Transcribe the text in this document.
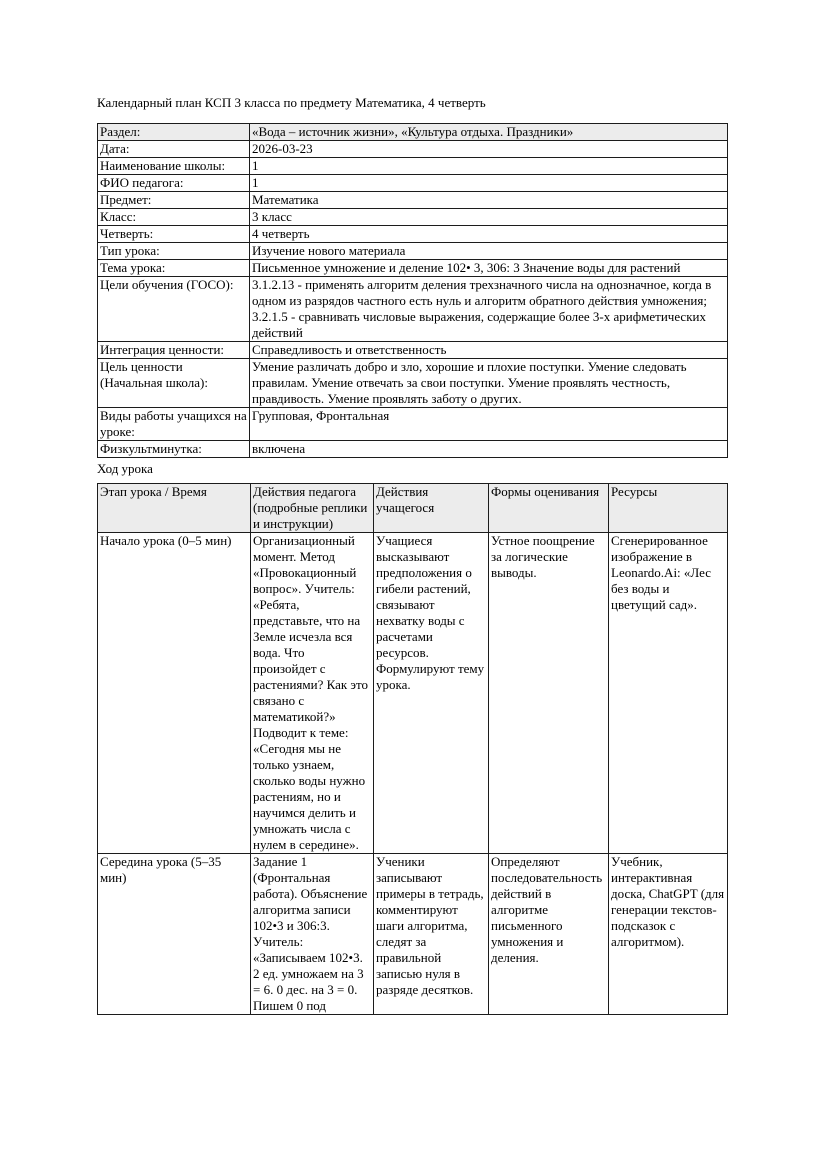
Календарный план КСП 3 класса по предмету Математика, 4 четверть
Раздел:	«Вода – источник жизни», «Культура отдыха. Праздники»
Дата:	2026-03-23
Наименование школы:	1
ФИО педагога:	1
Предмет:	Математика
Класс:	3 класс
Четверть:	4 четверть
Тип урока:	Изучение нового материала
Тема урока:	Письменное умножение и деление 102• 3, 306: 3 Значение воды для растений
Цели обучения (ГОСО):	3.1.2.13 - применять алгоритм деления трехзначного числа на однозначное, когда в одном из разрядов частного есть нуль и алгоритм обратного действия умножения; 3.2.1.5 - сравнивать числовые выражения, содержащие более 3-х арифметических действий
Интеграция ценности:	Справедливость и ответственность
Цель ценности (Начальная школа):	Умение различать добро и зло, хорошие и плохие поступки. Умение следовать правилам. Умение отвечать за свои поступки. Умение проявлять честность, правдивость. Умение проявлять заботу о других.
Виды работы учащихся на уроке:	Групповая, Фронтальная
Физкультминутка:	включена
Ход урока
Этап урока / Время	Действия педагога (подробные реплики и инструкции)	Действия учащегося	Формы оценивания	Ресурсы
Начало урока (0–5 мин)	Организационный момент. Метод «Провокационный вопрос». Учитель: «Ребята, представьте, что на Земле исчезла вся вода. Что произойдет с растениями? Как это связано с математикой?» Подводит к теме: «Сегодня мы не только узнаем, сколько воды нужно растениям, но и научимся делить и умножать числа с нулем в середине».	Учащиеся высказывают предположения о гибели растений, связывают нехватку воды с расчетами ресурсов. Формулируют тему урока.	Устное поощрение за логические выводы.	Сгенерированное изображение в Leonardo.Ai: «Лес без воды и цветущий сад».
Середина урока (5–35 мин)	Задание 1 (Фронтальная работа). Объяснение алгоритма записи 102•3 и 306:3. Учитель: «Записываем 102•3. 2 ед. умножаем на 3 = 6. 0 дес. на 3 = 0. Пишем 0 под	Ученики записывают примеры в тетрадь, комментируют шаги алгоритма, следят за правильной записью нуля в разряде десятков.	Определяют последовательность действий в алгоритме письменного умножения и деления.	Учебник, интерактивная доска, ChatGPT (для генерации текстов-подсказок с алгоритмом).
